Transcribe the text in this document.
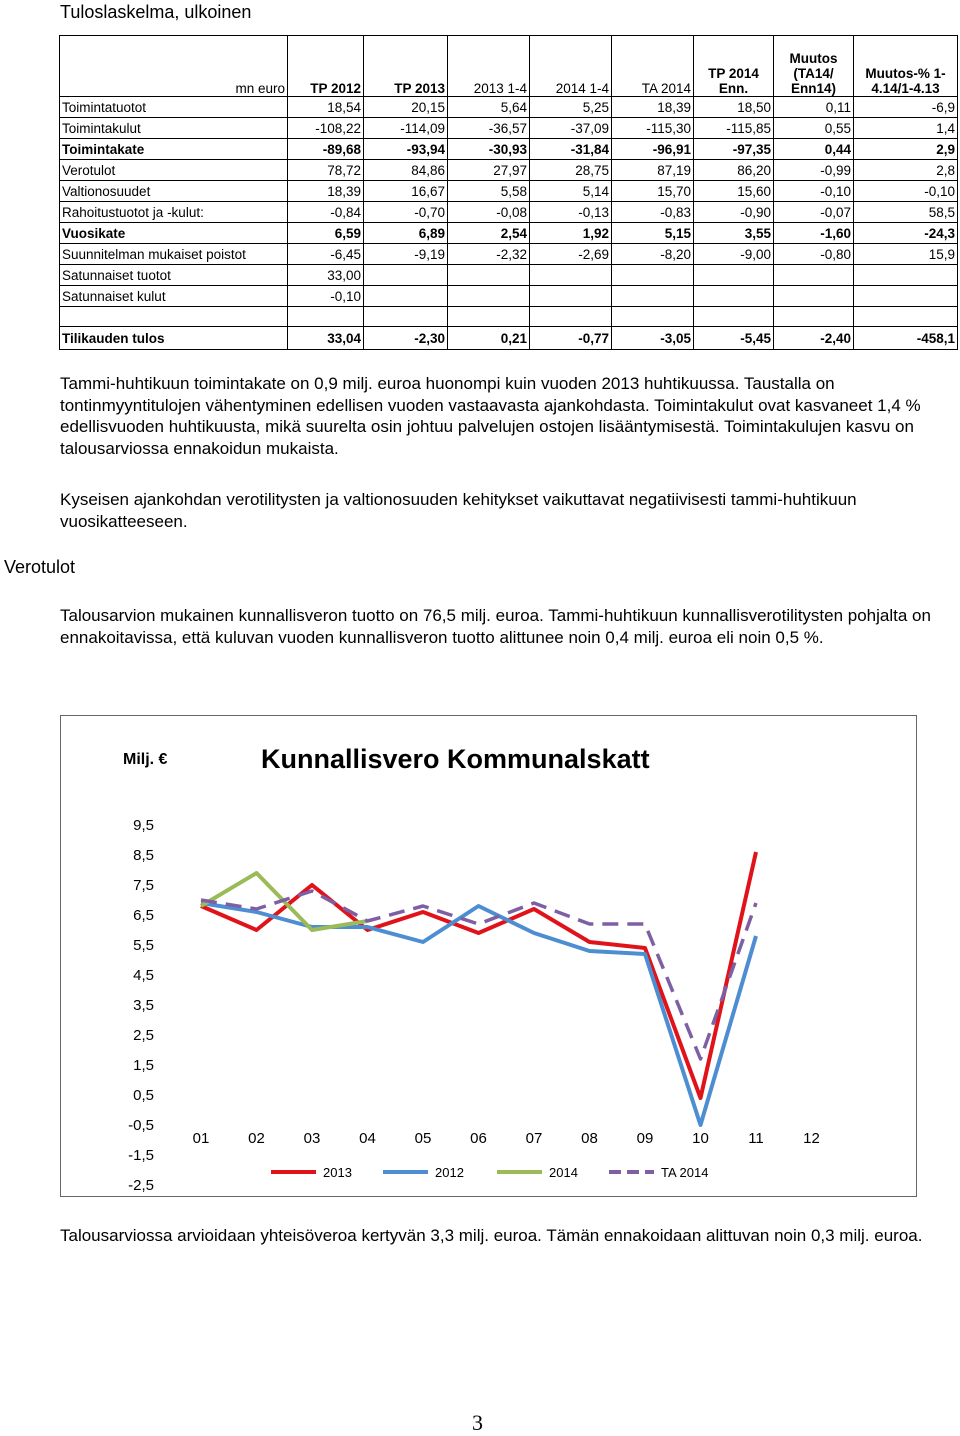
Tuloslaskelma, ulkoinen
mn euro	TP 2012	TP 2013	2013 1-4	2014 1-4	TA 2014	TP 2014 Enn.	Muutos (TA14/ Enn14)	Muutos-% 1-4.14/1-4.13
Toimintatuotot	18,54	20,15	5,64	5,25	18,39	18,50	0,11	-6,9
Toimintakulut	-108,22	-114,09	-36,57	-37,09	-115,30	-115,85	0,55	1,4
Toimintakate	-89,68	-93,94	-30,93	-31,84	-96,91	-97,35	0,44	2,9
Verotulot	78,72	84,86	27,97	28,75	87,19	86,20	-0,99	2,8
Valtionosuudet	18,39	16,67	5,58	5,14	15,70	15,60	-0,10	-0,10
Rahoitustuotot ja -kulut:	-0,84	-0,70	-0,08	-0,13	-0,83	-0,90	-0,07	58,5
Vuosikate	6,59	6,89	2,54	1,92	5,15	3,55	-1,60	-24,3
Suunnitelman mukaiset poistot	-6,45	-9,19	-2,32	-2,69	-8,20	-9,00	-0,80	15,9
Satunnaiset tuotot	33,00							
Satunnaiset kulut	-0,10							

Tilikauden tulos	33,04	-2,30	0,21	-0,77	-3,05	-5,45	-2,40	-458,1
Verotulot
Tammi-huhtikuun toimintakate on 0,9 milj. euroa huonompi kuin vuoden 2013 huhtikuussa. Taustalla on tontinmyyntitulojen vähentyminen edellisen vuoden vastaavasta ajankohdasta. Toimintakulut ovat kasvaneet 1,4 % edellisvuoden huhtikuusta, mikä suurelta osin johtuu palvelujen ostojen lisääntymisestä. Toimintakulujen kasvu on talousarviossa ennakoidun mukaista.
Kyseisen ajankohdan verotilitysten ja valtionosuuden kehitykset vaikuttavat negatiivisesti tammi-huhtikuun vuosikatteeseen.
Talousarvion mukainen kunnallisveron tuotto on 76,5 milj. euroa. Tammi-huhtikuun kunnallisverotilitysten pohjalta on ennakoitavissa, että kuluvan vuoden kunnallisveron tuotto alittunee noin 0,4 milj. euroa eli noin 0,5 %.
Milj. €	Kunnallisvero Kommunalskatt
9,5
8,5
7,5
6,5
5,5
4,5
3,5
2,5
1,5
0,5
-0,5
-1,5
-2,5
01	02	03	04	05	06	07	08	09	10	11	12
2013	2012	2014	TA 2014
Talousarviossa arvioidaan yhteisöveroa kertyvän 3,3 milj. euroa. Tämän ennakoidaan alittuvan noin 0,3 milj. euroa.
3
